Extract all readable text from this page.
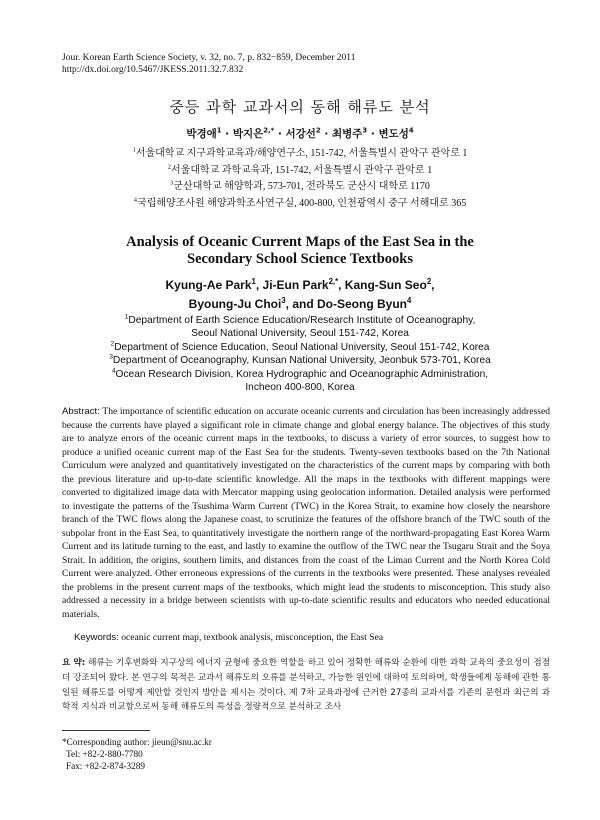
Jour. Korean Earth Science Society, v. 32, no. 7, p. 832−859, December 2011
http://dx.doi.org/10.5467/JKESS.2011.32.7.832
중등 과학 교과서의 동해 해류도 분석
박경애$^1$ · 박지은$^{2,*}$ · 서강선$^2$ · 최병주$^3$ · 변도성$^4$
$^1$서울대학교 지구과학교육과/해양연구소, 151-742, 서울특별시 관악구 관악로 1
$^2$서울대학교 과학교육과, 151-742, 서울특별시 관악구 관악로 1
$^3$군산대학교 해양학과, 573-701, 전라북도 군산시 대학로 1170
$^4$국립해양조사원 해양과학조사연구실, 400-800, 인천광역시 중구 서해대로 365
Analysis of Oceanic Current Maps of the East Sea in the
Secondary School Science Textbooks
Kyung-Ae Park$^1$, Ji-Eun Park$^{2,*}$, Kang-Sun Seo$^2$,
Byoung-Ju Choi$^3$, and Do-Seong Byun$^4$
$^1$Department of Earth Science Education/Research Institute of Oceanography,
Seoul National University, Seoul 151-742, Korea
$^2$Department of Science Education, Seoul National University, Seoul 151-742, Korea
$^3$Department of Oceanography, Kunsan National University, Jeonbuk 573-701, Korea
$^4$Ocean Research Division, Korea Hydrographic and Oceanographic Administration,
Incheon 400-800, Korea
Abstract: The importance of scientific education on accurate oceanic currents and circulation has been increasingly addressed because the currents have played a significant role in climate change and global energy balance. The objectives of this study are to analyze errors of the oceanic current maps in the textbooks, to discuss a variety of error sources, to suggest how to produce a unified oceanic current map of the East Sea for the students. Twenty-seven textbooks based on the 7th National Curriculum were analyzed and quantitatively investigated on the characteristics of the current maps by comparing with both the previous literature and up-to-date scientific knowledge. All the maps in the textbooks with different mappings were converted to digitalized image data with Mercator mapping using geolocation information. Detailed analysis were performed to investigate the patterns of the Tsushima Warm Current (TWC) in the Korea Strait, to examine how closely the nearshore branch of the TWC flows along the Japanese coast, to scrutinize the features of the offshore branch of the TWC south of the subpolar front in the East Sea, to quantitatively investigate the northern range of the northward-propagating East Korea Warm Current and its latitude turning to the east, and lastly to examine the outflow of the TWC near the Tsugaru Strait and the Soya Strait. In addition, the origins, southern limits, and distances from the coast of the Liman Current and the North Korea Cold Current were analyzed. Other erroneous expressions of the currents in the textbooks were presented. These analyses revealed the problems in the present current maps of the textbooks, which might lead the students to misconception. This study also addressed a necessity in a bridge between scientists with up-to-date scientific results and educators who needed educational materials.
Keywords: oceanic current map, textbook analysis, misconception, the East Sea
요 약: 해류는 기후변화와 지구상의 에너지 균형에 중요한 역할을 하고 있어 정확한 해류와 순환에 대한 과학 교육의 중요성이 점점 더 강조되어 왔다. 본 연구의 목적은 교과서 해류도의 오류를 분석하고, 가능한 원인에 대하여 토의하며, 학생들에게 동해에 관한 통일된 해류도를 어떻게 제안할 것인지 방안을 제시는 것이다. 제 7차 교육과정에 근거한 27종의 교과서를 기존의 문헌과 최근의 과학적 지식과 비교함으로써 동해 해류도의 특성을 정량적으로 분석하고 조사
*Corresponding author: jieun@snu.ac.kr
Tel: +82-2-880-7780
Fax: +82-2-874-3289
